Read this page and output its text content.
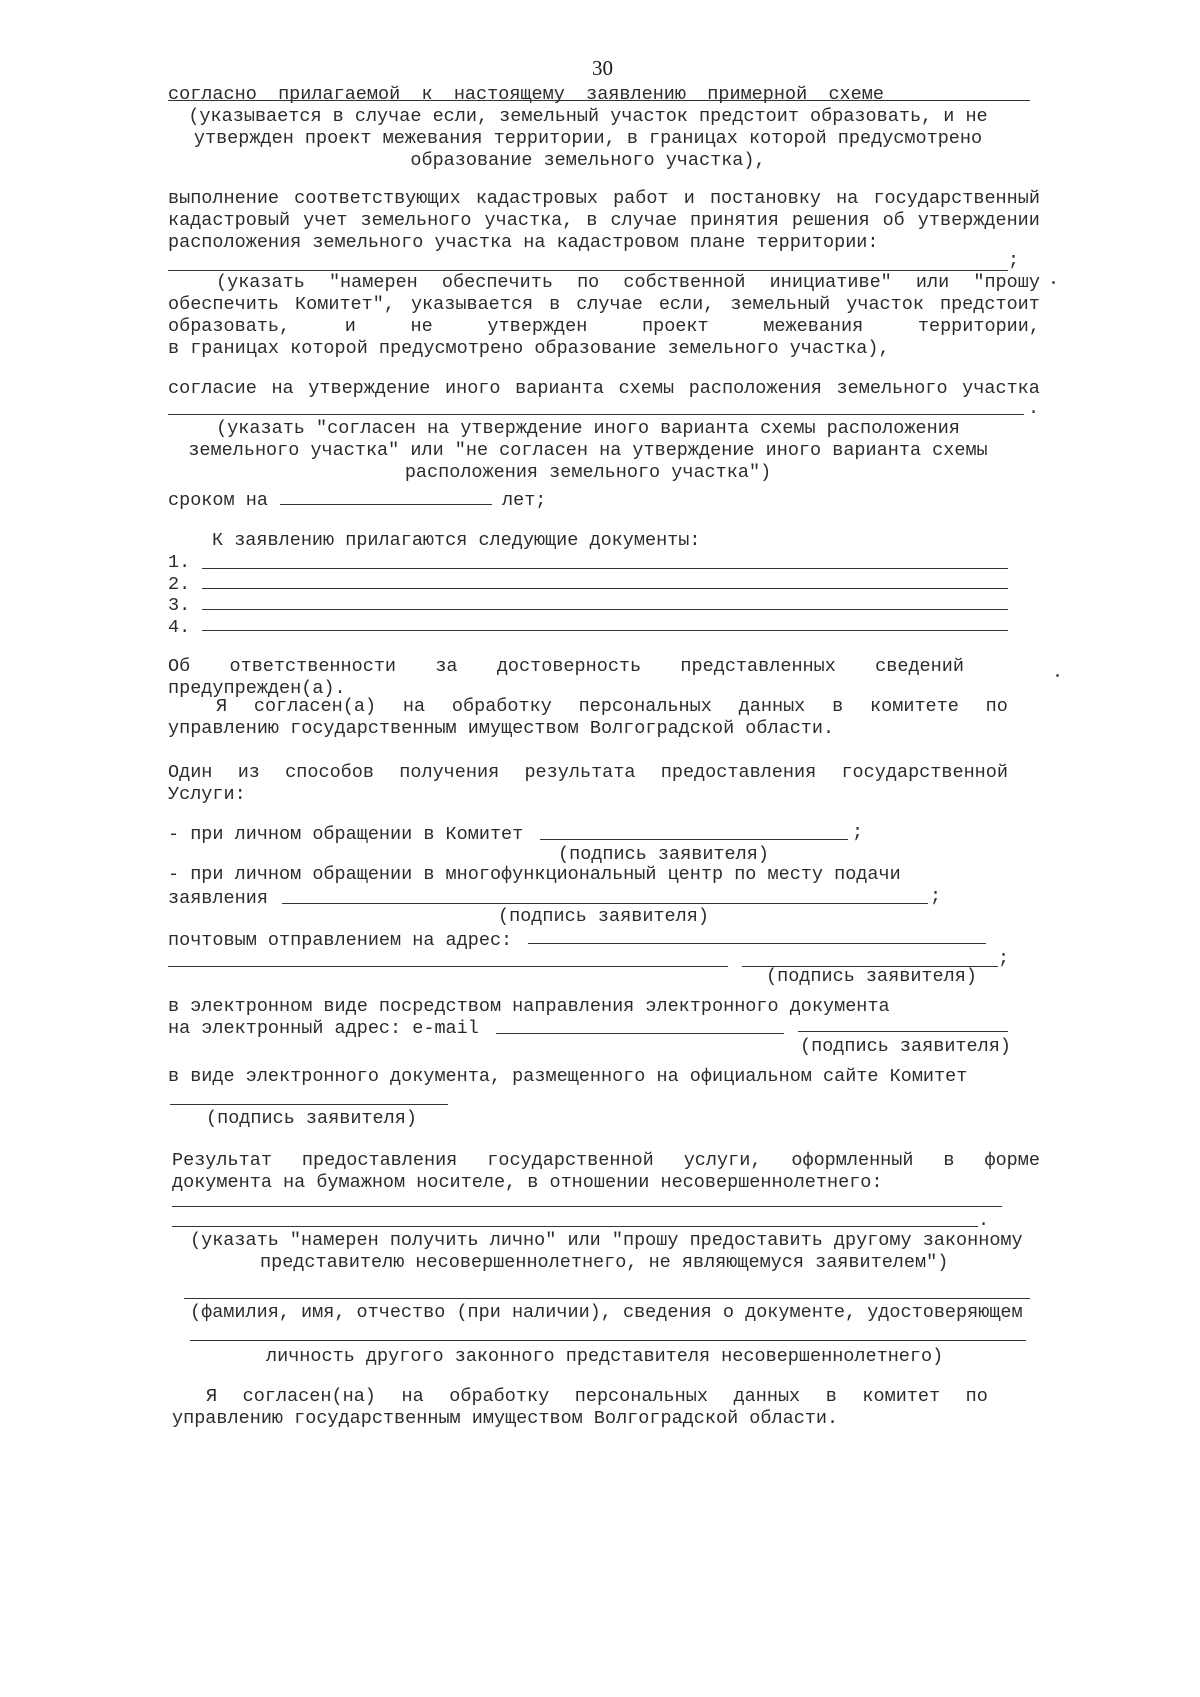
30
согласно прилагаемой к настоящему заявлению примерной схеме
(указывается в случае если, земельный участок предстоит образовать, и не
утвержден проект межевания территории, в границах которой предусмотрено
образование земельного участка),
выполнение соответствующих кадастровых работ и постановку на государственный
кадастровый учет земельного участка, в случае принятия решения об утверждении
расположения земельного участка на кадастровом плане территории:
;
(указать "намерен обеспечить по собственной инициативе" или "прошу
обеспечить Комитет", указывается в случае если, земельный участок предстоит
образовать,	и	не	утвержден	проект	межевания	территории,
в границах которой предусмотрено образование земельного участка),
согласие на утверждение иного варианта схемы расположения земельного участка
.
(указать "согласен на утверждение иного варианта схемы расположения
земельного участка" или "не согласен на утверждение иного варианта схемы
расположения земельного участка")
сроком на	лет;
К заявлению прилагаются следующие документы:
1.
2.
3.
4.
Об ответственности за достоверность представленных сведений
предупрежден(а).
Я согласен(а) на обработку персональных данных в комитете по
управлению государственным имуществом Волгоградской области.
Один из способов получения результата предоставления государственной
Услуги:
- при личном обращении в Комитет	;
(подпись заявителя)
- при личном обращении в многофункциональный центр по месту подачи
заявления	;
(подпись заявителя)
почтовым отправлением на адрес:
;
(подпись заявителя)
в электронном виде посредством направления электронного документа
на электронный адрес: e-mail
(подпись заявителя)
в виде электронного документа, размещенного на официальном сайте Комитет
(подпись заявителя)
Результат предоставления государственной услуги, оформленный в форме
документа на бумажном носителе, в отношении несовершеннолетнего:
.
(указать "намерен получить лично" или "прошу предоставить другому законному
представителю несовершеннолетнего, не являющемуся заявителем")
(фамилия, имя, отчество (при наличии), сведения о документе, удостоверяющем
личность другого законного представителя несовершеннолетнего)
Я согласен(на) на обработку персональных данных в комитет по
управлению государственным имуществом Волгоградской области.
